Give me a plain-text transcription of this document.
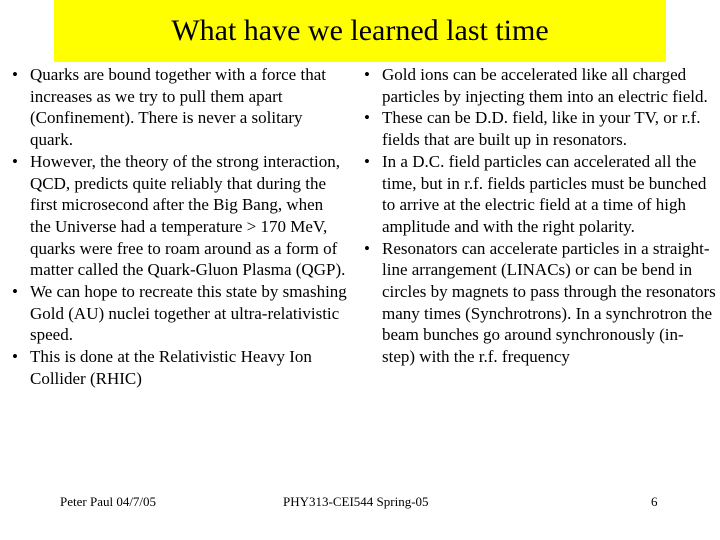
What have we learned last time
• Quarks are bound together with a force that increases as we try to pull them apart (Confinement). There is never a solitary quark.
• However, the theory of the strong interaction, QCD, predicts quite reliably that during the first microsecond after the Big Bang, when the Universe had a temperature > 170 MeV, quarks were free to roam around as a form of matter called the Quark-Gluon Plasma (QGP).
• We can hope to recreate this state by smashing Gold (AU) nuclei together at ultra-relativistic speed.
• This is done at the Relativistic Heavy Ion Collider (RHIC)
• Gold ions can be accelerated like all charged particles by injecting them into an electric field.
• These can be D.D. field, like in your TV, or r.f. fields that are built up in resonators.
• In a D.C. field particles can accelerated all the time, but in r.f. fields particles must be bunched to arrive at the electric field at a time of high amplitude and with the right polarity.
• Resonators can accelerate particles in a straight-line arrangement (LINACs) or can be bend in circles by magnets to pass through the resonators many times (Synchrotrons). In a synchrotron the beam bunches go around synchronously (in-step) with the r.f. frequency
Peter Paul 04/7/05	PHY313-CEI544 Spring-05	6
